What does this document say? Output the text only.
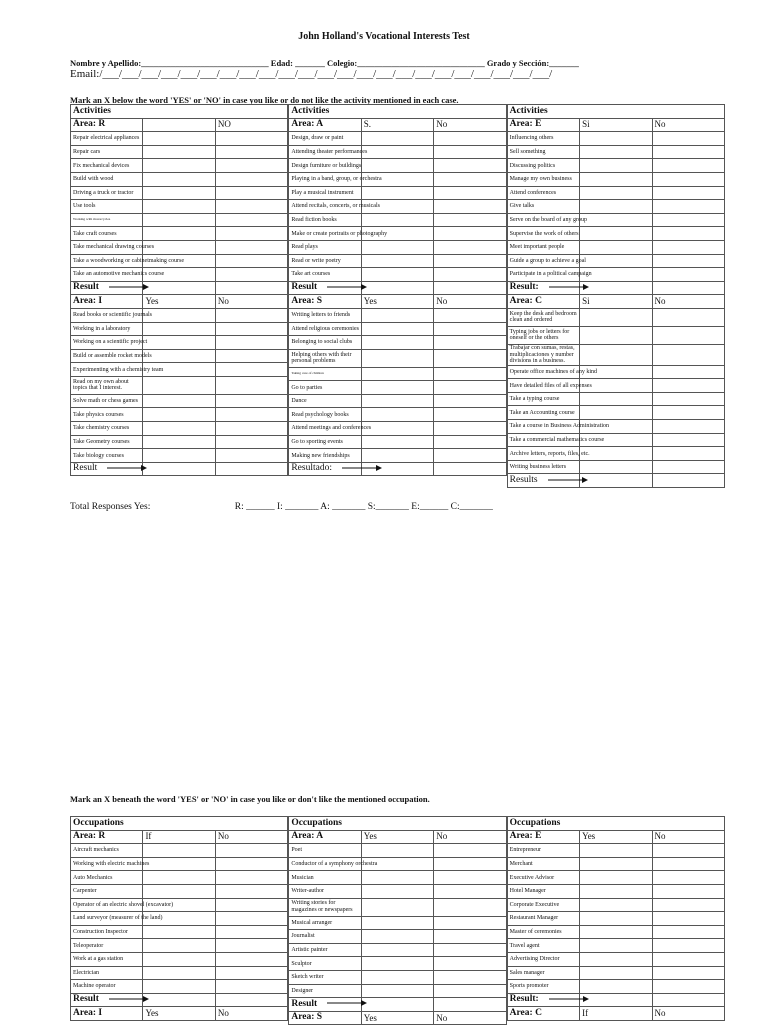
John Holland's Vocational Interests Test
Nombre y Apellido:______________________________ Edad: _______ Colegio:______________________________ Grado y Sección:_______
Email:/___/___/___/___/___/___/___/___/___/___/___/___/___/___/___/___/___/___/___/___/___/___/___/
Mark an X below the word 'YES' or 'NO' in case you like or do not like the activity mentioned in each case.
Activities		
Area: R		NO
Repair electrical appliances		
Repair cars		
Fix mechanical devices		
Build with wood		
Driving a truck or tractor		
Use tools		
Working with motorcycles		
Take craft courses		
Take mechanical drawing courses		
Take a woodworking or cabinetmaking course		
Take an automotive mechanics course		
Result		
Area: I	Yes	No
Read books or scientific journals		
Working in a laboratory		
Working on a scientific project		
Build or assemble rocket models		
Experimenting with a chemistry team		
Read on my own about topics that I interest.		
Solve math or chess games		
Take physics courses		
Take chemistry courses		
Take Geometry courses		
Take biology courses		
Result		
Activities		
Area: A	S.	No
Design, draw or paint		
Attending theater performances		
Design furniture or buildings		
Playing in a band, group, or orchestra		
Play a musical instrument		
Attend recitals, concerts, or musicals		
Read fiction books		
Make or create portraits or photography		
Read plays		
Read or write poetry		
Take art courses		
Result		
Area: S	Yes	No
Writing letters to friends		
Attend religious ceremonies		
Belonging to social clubs		
Helping others with their personal problems		
Taking care of children		
Go to parties		
Dance		
Read psychology books		
Attend meetings and conferences		
Go to sporting events		
Making new friendships		
Resultado:		
Activities		
Area: E	Si	No
Influencing others		
Sell something		
Discussing politics		
Manage my own business		
Attend conferences		
Give talks		
Serve on the board of any group		
Supervise the work of others		
Meet important people		
Guide a group to achieve a goal		
Participate in a political campaign		
Result:		
Area: C	Si	No
Keep the desk and bedroom clean and ordered		
Typing jobs or letters for oneself or the others		
Trabajar con sumas, restas, multiplicaciones y number divisions in a business.		
Operate office machines of any kind		
Have detailed files of all expenses		
Take a typing course		
Take an Accounting course		
Take a course in Business Administration		
Take a commercial mathematics course		
Archive letters, reports, files, etc.		
Writing business letters		
Results		
Total Responses Yes:	R: ______ I: _______ A: _______ S:_______ E:______ C:_______
Mark an X beneath the word 'YES' or 'NO' in case you like or don't like the mentioned occupation.
Occupations		
Area: R	If	No
Aircraft mechanics		
Working with electric machines		
Auto Mechanics		
Carpenter		
Operator of an electric shovel (excavator)		
Land surveyor (measurer of the land)		
Construction Inspector		
Teleoperator		
Work at a gas station		
Electrician		
Machine operator		
Result		
Area: I	Yes	No
Occupations		
Area: A	Yes	No
Poet		
Conductor of a symphony orchestra		
Musician		
Writer-author		
Writing stories for magazines or newspapers		
Musical arranger		
Journalist		
Artistic painter		
Sculptor		
Sketch writer		
Designer		
Result		
Area: S	Yes	No
Occupations		
Area: E	Yes	No
Entrepreneur		
Merchant		
Executive Advisor		
Hotel Manager		
Corporate Executive		
Restaurant Manager		
Master of ceremonies		
Travel agent		
Advertising Director		
Sales manager		
Sports promoter		
Result:		
Area: C	If	No
